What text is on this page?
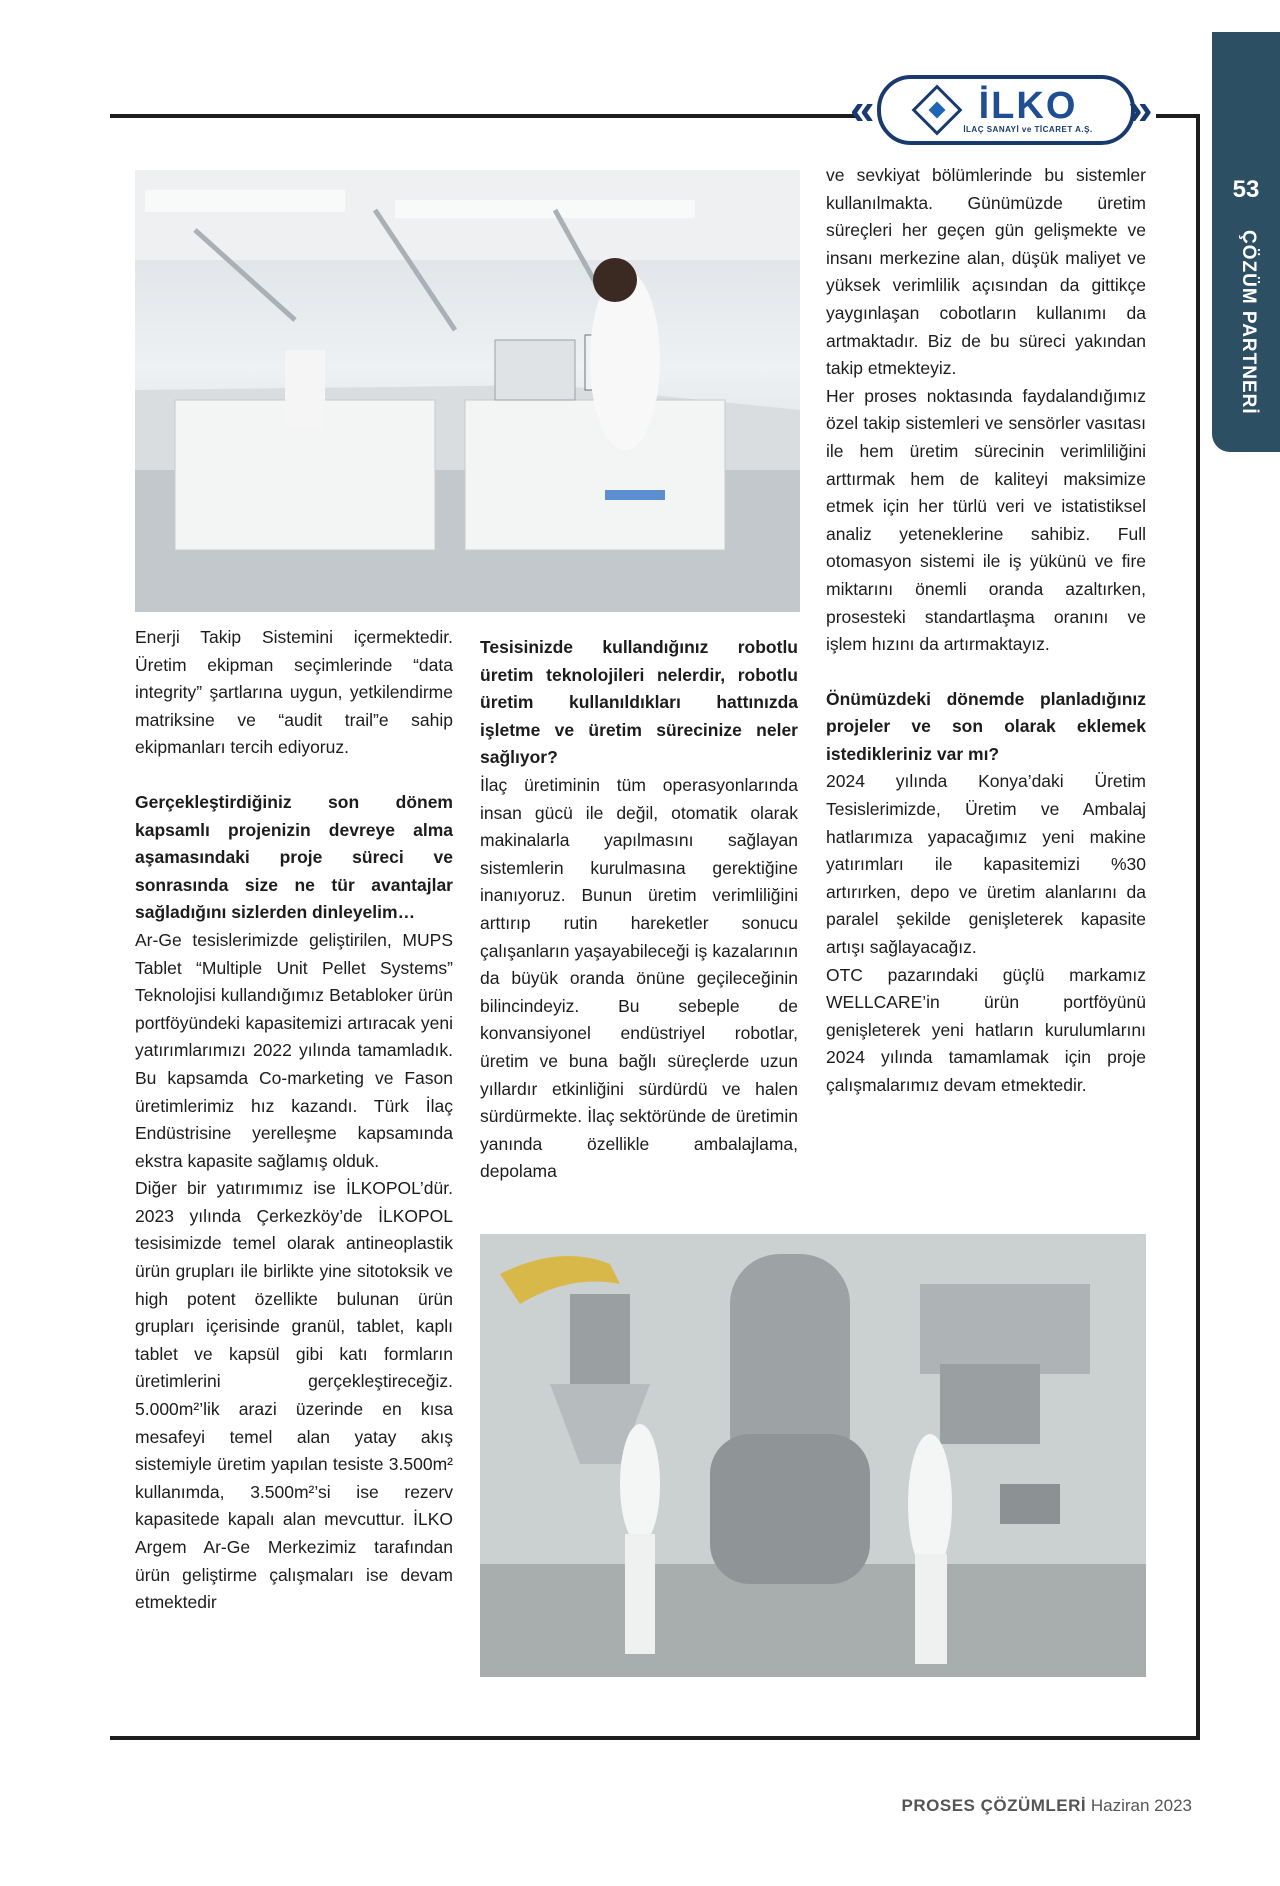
53
ÇÖZÜM PARTNERİ
İLKO
İLAÇ SANAYİ ve TİCARET A.Ş.
«	»

Enerji Takip Sistemini içermektedir. Üretim ekipman seçimlerinde “data integrity” şartlarına uygun, yetkilendirme matriksine ve “audit trail”e sahip ekipmanları tercih ediyoruz.

Gerçekleştirdiğiniz son dönem kapsamlı projenizin devreye alma aşamasındaki proje süreci ve sonrasında size ne tür avantajlar sağladığını sizlerden dinleyelim…

Ar-Ge tesislerimizde geliştirilen, MUPS Tablet “Multiple Unit Pellet Systems” Teknolojisi kullandığımız Betabloker ürün portföyündeki kapasitemizi artıracak yeni yatırımlarımızı 2022 yılında tamamladık. Bu kapsamda Co-marketing ve Fason üretimlerimiz hız kazandı. Türk İlaç Endüstrisine yerelleşme kapsamında ekstra kapasite sağlamış olduk.

Diğer bir yatırımımız ise İLKOPOL’dür. 2023 yılında Çerkezköy’de İLKOPOL tesisimizde temel olarak antineoplastik ürün grupları ile birlikte yine sitotoksik ve high potent özellikte bulunan ürün grupları içerisinde granül, tablet, kaplı tablet ve kapsül gibi katı formların üretimlerini gerçekleştireceğiz. 5.000m²’lik arazi üzerinde en kısa mesafeyi temel alan yatay akış sistemiyle üretim yapılan tesiste 3.500m² kullanımda, 3.500m²’si ise rezerv kapasitede kapalı alan mevcuttur. İLKO Argem Ar-Ge Merkezimiz tarafından ürün geliştirme çalışmaları ise devam etmektedir

Tesisinizde kullandığınız robotlu üretim teknolojileri nelerdir, robotlu üretim kullanıldıkları hattınızda işletme ve üretim sürecinize neler sağlıyor?

İlaç üretiminin tüm operasyonlarında insan gücü ile değil, otomatik olarak makinalarla yapılmasını sağlayan sistemlerin kurulmasına gerektiğine inanıyoruz. Bunun üretim verimliliğini arttırıp rutin hareketler sonucu çalışanların yaşayabileceği iş kazalarının da büyük oranda önüne geçileceğinin bilincindeyiz. Bu sebeple de konvansiyonel endüstriyel robotlar, üretim ve buna bağlı süreçlerde uzun yıllardır etkinliğini sürdürdü ve halen sürdürmekte. İlaç sektöründe de üretimin yanında özellikle ambalajlama, depolama

ve sevkiyat bölümlerinde bu sistemler kullanılmakta. Günümüzde üretim süreçleri her geçen gün gelişmekte ve insanı merkezine alan, düşük maliyet ve yüksek verimlilik açısından da gittikçe yaygınlaşan cobotların kullanımı da artmaktadır. Biz de bu süreci yakından takip etmekteyiz.

Her proses noktasında faydalandığımız özel takip sistemleri ve sensörler vasıtası ile hem üretim sürecinin verimliliğini arttırmak hem de kaliteyi maksimize etmek için her türlü veri ve istatistiksel analiz yeteneklerine sahibiz. Full otomasyon sistemi ile iş yükünü ve fire miktarını önemli oranda azaltırken, prosesteki standartlaşma oranını ve işlem hızını da artırmaktayız.

Önümüzdeki dönemde planladığınız projeler ve son olarak eklemek istedikleriniz var mı?

2024 yılında Konya’daki Üretim Tesislerimizde, Üretim ve Ambalaj hatlarımıza yapacağımız yeni makine yatırımları ile kapasitemizi %30 artırırken, depo ve üretim alanlarını da paralel şekilde genişleterek kapasite artışı sağlayacağız.

OTC pazarındaki güçlü markamız WELLCARE’in ürün portföyünü genişleterek yeni hatların kurulumlarını 2024 yılında tamamlamak için proje çalışmalarımız devam etmektedir.

PROSES ÇÖZÜMLERİ Haziran 2023
